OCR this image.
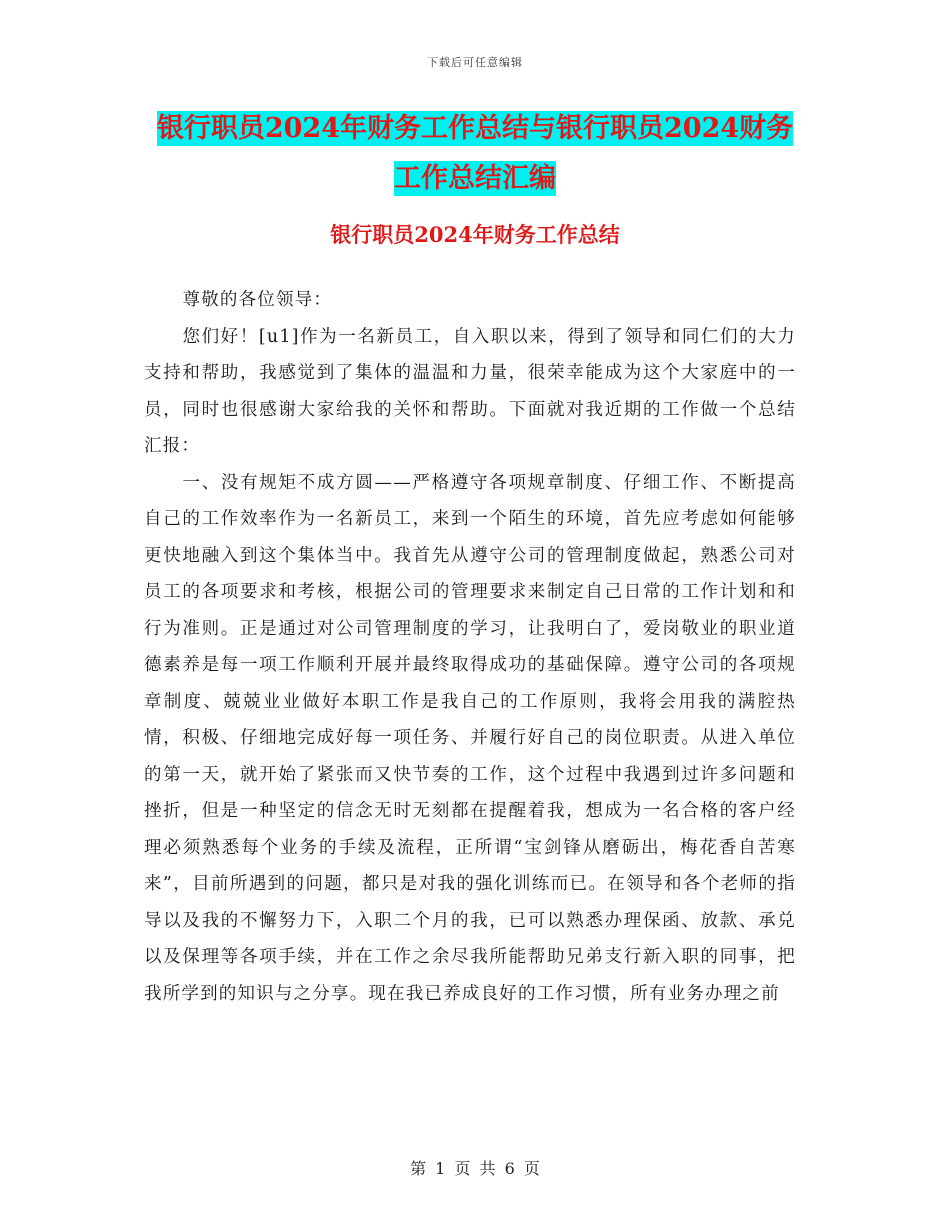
下载后可任意编辑
银行职员2024年财务工作总结与银行职员2024财务
工作总结汇编
银行职员2024年财务工作总结

尊敬的各位领导：

您们好！[u1]作为一名新员工，自入职以来，得到了领导和同仁们的大力支持和帮助，我感觉到了集体的温温和力量，很荣幸能成为这个大家庭中的一员，同时也很感谢大家给我的关怀和帮助。下面就对我近期的工作做一个总结汇报：

一、没有规矩不成方圆——严格遵守各项规章制度、仔细工作、不断提高自己的工作效率作为一名新员工，来到一个陌生的环境，首先应考虑如何能够更快地融入到这个集体当中。我首先从遵守公司的管理制度做起，熟悉公司对员工的各项要求和考核，根据公司的管理要求来制定自己日常的工作计划和和行为准则。正是通过对公司管理制度的学习，让我明白了，爱岗敬业的职业道德素养是每一项工作顺利开展并最终取得成功的基础保障。遵守公司的各项规章制度、兢兢业业做好本职工作是我自己的工作原则，我将会用我的满腔热情，积极、仔细地完成好每一项任务、并履行好自己的岗位职责。从进入单位的第一天，就开始了紧张而又快节奏的工作，这个过程中我遇到过许多问题和挫折，但是一种坚定的信念无时无刻都在提醒着我，想成为一名合格的客户经理必须熟悉每个业务的手续及流程，正所谓“宝剑锋从磨砺出，梅花香自苦寒来”，目前所遇到的问题，都只是对我的强化训练而已。在领导和各个老师的指导以及我的不懈努力下，入职二个月的我，已可以熟悉办理保函、放款、承兑以及保理等各项手续，并在工作之余尽我所能帮助兄弟支行新入职的同事，把我所学到的知识与之分享。现在我已养成良好的工作习惯，所有业务办理之前

第 1 页 共 6 页
